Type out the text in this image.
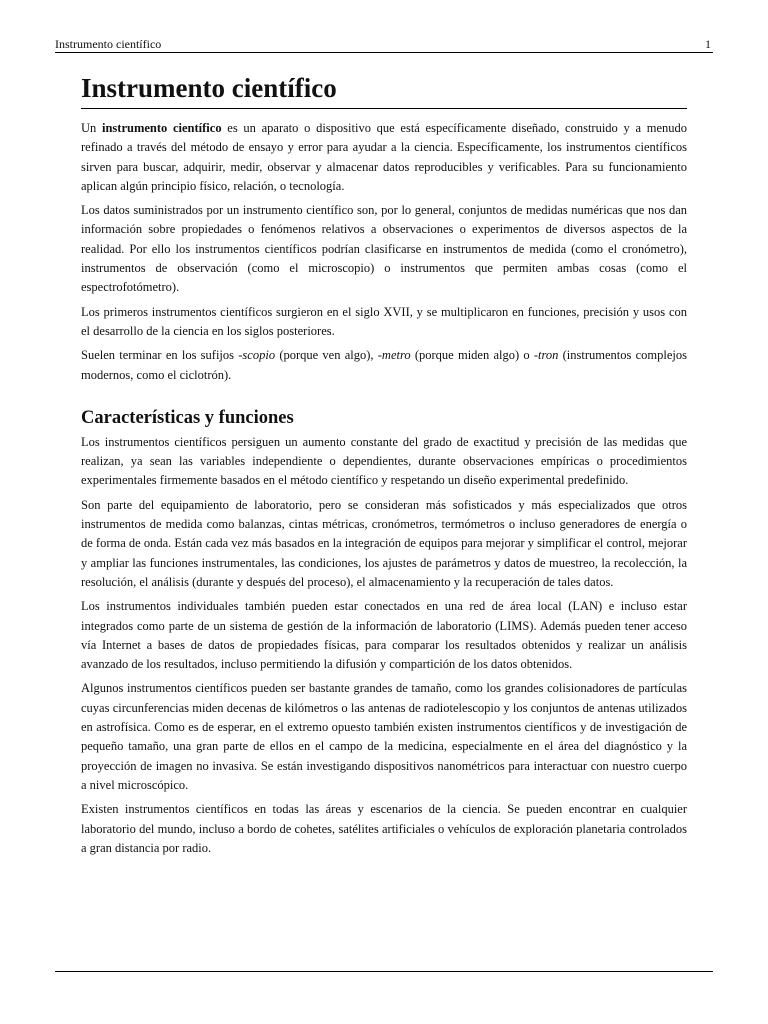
Instrumento científico	1
Instrumento científico

Un instrumento científico es un aparato o dispositivo que está específicamente diseñado, construido y a menudo refinado a través del método de ensayo y error para ayudar a la ciencia. Específicamente, los instrumentos científicos sirven para buscar, adquirir, medir, observar y almacenar datos reproducibles y verificables. Para su funcionamiento aplican algún principio físico, relación, o tecnología.

Los datos suministrados por un instrumento científico son, por lo general, conjuntos de medidas numéricas que nos dan información sobre propiedades o fenómenos relativos a observaciones o experimentos de diversos aspectos de la realidad. Por ello los instrumentos científicos podrían clasificarse en instrumentos de medida (como el cronómetro), instrumentos de observación (como el microscopio) o instrumentos que permiten ambas cosas (como el espectrofotómetro).

Los primeros instrumentos científicos surgieron en el siglo XVII, y se multiplicaron en funciones, precisión y usos con el desarrollo de la ciencia en los siglos posteriores.

Suelen terminar en los sufijos -scopio (porque ven algo), -metro (porque miden algo) o -tron (instrumentos complejos modernos, como el ciclotrón).

Características y funciones

Los instrumentos científicos persiguen un aumento constante del grado de exactitud y precisión de las medidas que realizan, ya sean las variables independiente o dependientes, durante observaciones empíricas o procedimientos experimentales firmemente basados en el método científico y respetando un diseño experimental predefinido.

Son parte del equipamiento de laboratorio, pero se consideran más sofisticados y más especializados que otros instrumentos de medida como balanzas, cintas métricas, cronómetros, termómetros o incluso generadores de energía o de forma de onda. Están cada vez más basados en la integración de equipos para mejorar y simplificar el control, mejorar y ampliar las funciones instrumentales, las condiciones, los ajustes de parámetros y datos de muestreo, la recolección, la resolución, el análisis (durante y después del proceso), el almacenamiento y la recuperación de tales datos.

Los instrumentos individuales también pueden estar conectados en una red de área local (LAN) e incluso estar integrados como parte de un sistema de gestión de la información de laboratorio (LIMS). Además pueden tener acceso vía Internet a bases de datos de propiedades físicas, para comparar los resultados obtenidos y realizar un análisis avanzado de los resultados, incluso permitiendo la difusión y compartición de los datos obtenidos.

Algunos instrumentos científicos pueden ser bastante grandes de tamaño, como los grandes colisionadores de partículas cuyas circunferencias miden decenas de kilómetros o las antenas de radiotelescopio y los conjuntos de antenas utilizados en astrofísica. Como es de esperar, en el extremo opuesto también existen instrumentos científicos y de investigación de pequeño tamaño, una gran parte de ellos en el campo de la medicina, especialmente en el área del diagnóstico y la proyección de imagen no invasiva. Se están investigando dispositivos nanométricos para interactuar con nuestro cuerpo a nivel microscópico.

Existen instrumentos científicos en todas las áreas y escenarios de la ciencia. Se pueden encontrar en cualquier laboratorio del mundo, incluso a bordo de cohetes, satélites artificiales o vehículos de exploración planetaria controlados a gran distancia por radio.
